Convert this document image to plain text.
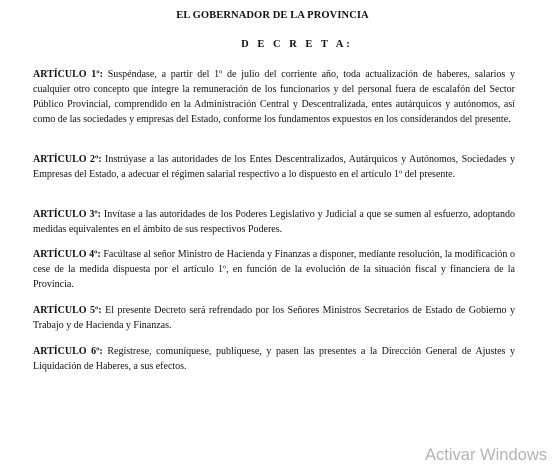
EL GOBERNADOR DE LA PROVINCIA
D E C R E T A:

ARTÍCULO 1º: Suspéndase, a partir del 1º de julio del corriente año, toda actualización de haberes, salarios y cualquier otro concepto que integre la remuneración de los funcionarios y del personal fuera de escalafón del Sector Público Provincial, comprendido en la Administración Central y Descentralizada, entes autárquicos y autónomos, así como de las sociedades y empresas del Estado, conforme los fundamentos expuestos en los considerandos del presente.

ARTÍCULO 2º: Instrúyase a las autoridades de los Entes Descentralizados, Autárquicos y Autónomos, Sociedades y Empresas del Estado, a adecuar el régimen salarial respectivo a lo dispuesto en el artículo 1º del presente.

ARTÍCULO 3º: Invítase a las autoridades de los Poderes Legislativo y Judicial a que se sumen al esfuerzo, adoptando medidas equivalentes en el ámbito de sus respectivos Poderes.

ARTÍCULO 4º: Facúltase al señor Ministro de Hacienda y Finanzas a disponer, mediante resolución, la modificación o cese de la medida dispuesta por el artículo 1º, en función de la evolución de la situación fiscal y financiera de la Provincia.

ARTÍCULO 5º: El presente Decreto será refrendado por los Señores Ministros Secretarios de Estado de Gobierno y Trabajo y de Hacienda y Finanzas.

ARTÍCULO 6º: Regístrese, comuníquese, publíquese, y pasen las presentes a la Dirección General de Ajustes y Liquidación de Haberes, a sus efectos.

Activar Windows
